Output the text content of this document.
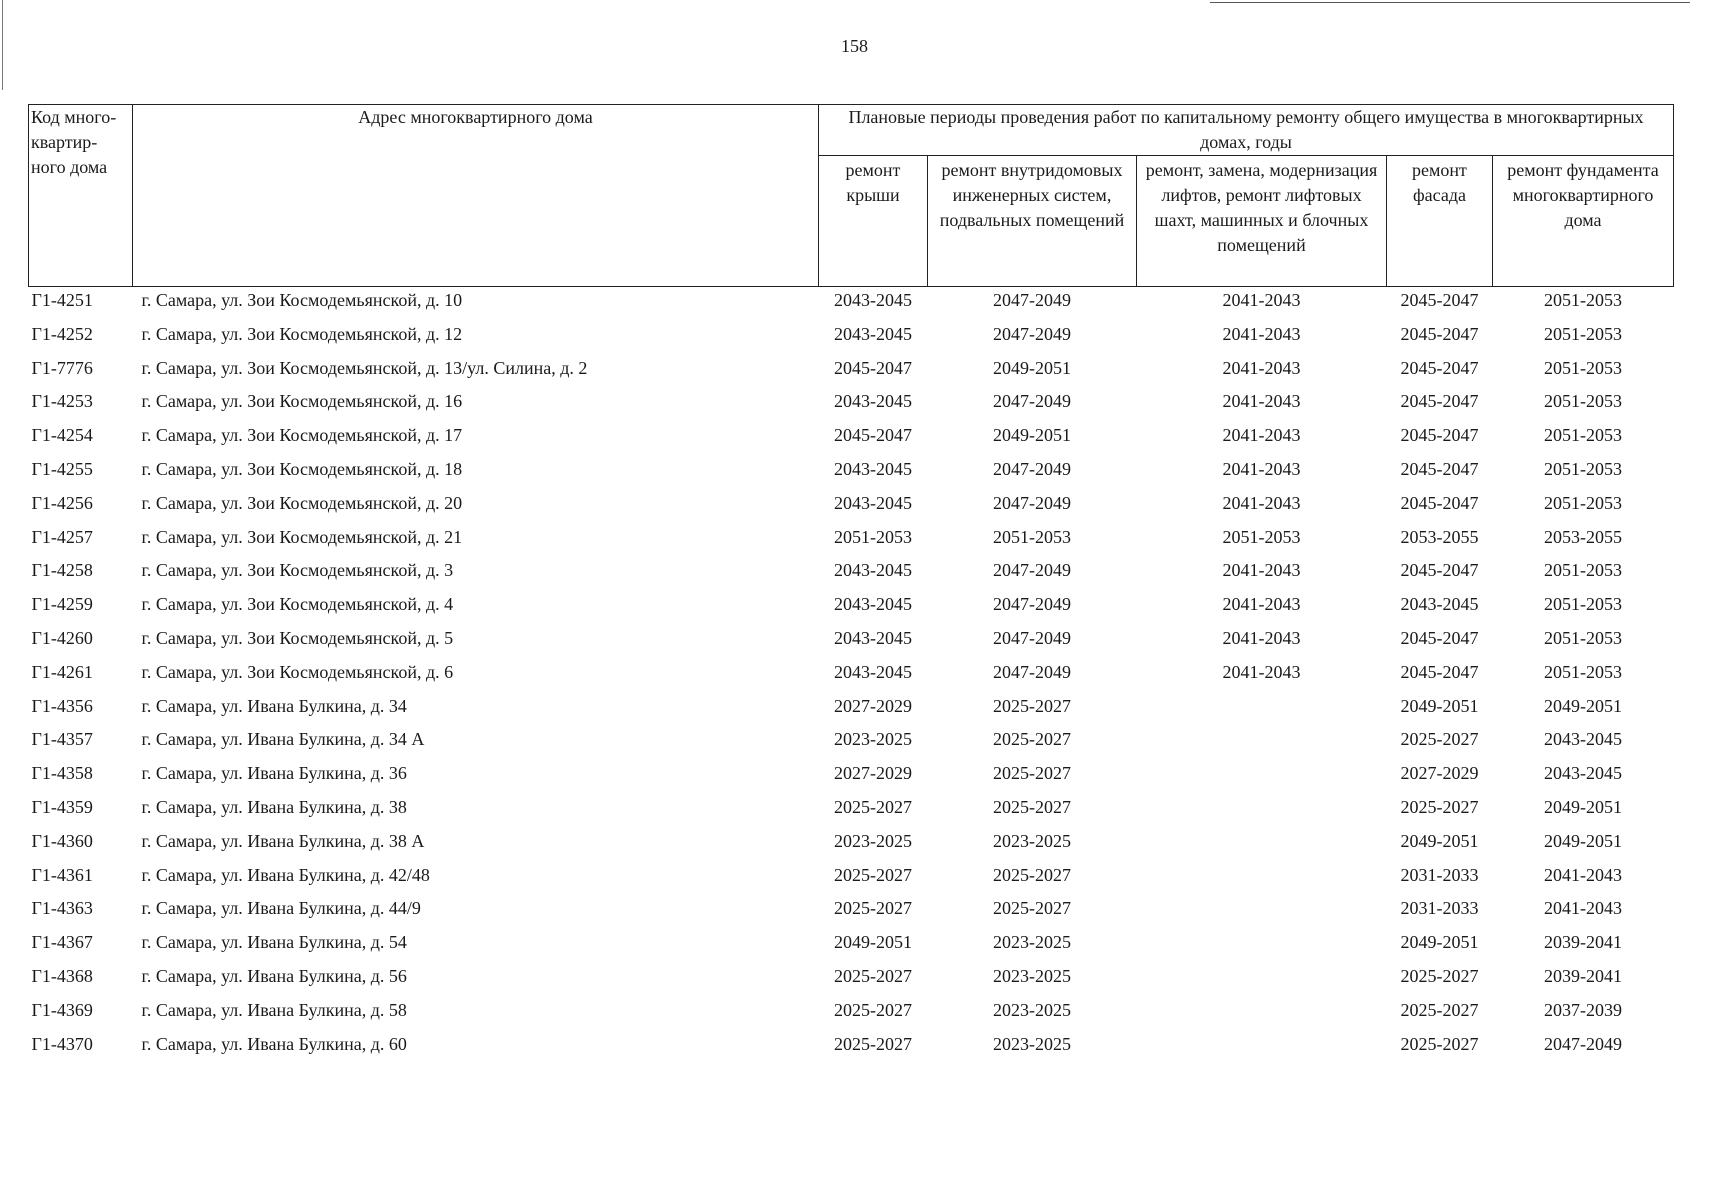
158
Код много-квартир-ного дома	Адрес многоквартирного дома	Плановые периоды проведения работ по капитальному ремонту общего имущества в многоквартирных домах, годы				
		ремонт крыши	ремонт внутридомовых инженерных систем, подвальных помещений	ремонт, замена, модернизация лифтов, ремонт лифтовых шахт, машинных и блочных помещений	ремонт фасада	ремонт фундамента многоквартирного дома
Г1-4251	г. Самара, ул. Зои Космодемьянской, д. 10	2043-2045	2047-2049	2041-2043	2045-2047	2051-2053
Г1-4252	г. Самара, ул. Зои Космодемьянской, д. 12	2043-2045	2047-2049	2041-2043	2045-2047	2051-2053
Г1-7776	г. Самара, ул. Зои Космодемьянской, д. 13/ул. Силина, д. 2	2045-2047	2049-2051	2041-2043	2045-2047	2051-2053
Г1-4253	г. Самара, ул. Зои Космодемьянской, д. 16	2043-2045	2047-2049	2041-2043	2045-2047	2051-2053
Г1-4254	г. Самара, ул. Зои Космодемьянской, д. 17	2045-2047	2049-2051	2041-2043	2045-2047	2051-2053
Г1-4255	г. Самара, ул. Зои Космодемьянской, д. 18	2043-2045	2047-2049	2041-2043	2045-2047	2051-2053
Г1-4256	г. Самара, ул. Зои Космодемьянской, д. 20	2043-2045	2047-2049	2041-2043	2045-2047	2051-2053
Г1-4257	г. Самара, ул. Зои Космодемьянской, д. 21	2051-2053	2051-2053	2051-2053	2053-2055	2053-2055
Г1-4258	г. Самара, ул. Зои Космодемьянской, д. 3	2043-2045	2047-2049	2041-2043	2045-2047	2051-2053
Г1-4259	г. Самара, ул. Зои Космодемьянской, д. 4	2043-2045	2047-2049	2041-2043	2043-2045	2051-2053
Г1-4260	г. Самара, ул. Зои Космодемьянской, д. 5	2043-2045	2047-2049	2041-2043	2045-2047	2051-2053
Г1-4261	г. Самара, ул. Зои Космодемьянской, д. 6	2043-2045	2047-2049	2041-2043	2045-2047	2051-2053
Г1-4356	г. Самара, ул. Ивана Булкина, д. 34	2027-2029	2025-2027		2049-2051	2049-2051
Г1-4357	г. Самара, ул. Ивана Булкина, д. 34 А	2023-2025	2025-2027		2025-2027	2043-2045
Г1-4358	г. Самара, ул. Ивана Булкина, д. 36	2027-2029	2025-2027		2027-2029	2043-2045
Г1-4359	г. Самара, ул. Ивана Булкина, д. 38	2025-2027	2025-2027		2025-2027	2049-2051
Г1-4360	г. Самара, ул. Ивана Булкина, д. 38 А	2023-2025	2023-2025		2049-2051	2049-2051
Г1-4361	г. Самара, ул. Ивана Булкина, д. 42/48	2025-2027	2025-2027		2031-2033	2041-2043
Г1-4363	г. Самара, ул. Ивана Булкина, д. 44/9	2025-2027	2025-2027		2031-2033	2041-2043
Г1-4367	г. Самара, ул. Ивана Булкина, д. 54	2049-2051	2023-2025		2049-2051	2039-2041
Г1-4368	г. Самара, ул. Ивана Булкина, д. 56	2025-2027	2023-2025		2025-2027	2039-2041
Г1-4369	г. Самара, ул. Ивана Булкина, д. 58	2025-2027	2023-2025		2025-2027	2037-2039
Г1-4370	г. Самара, ул. Ивана Булкина, д. 60	2025-2027	2023-2025		2025-2027	2047-2049
